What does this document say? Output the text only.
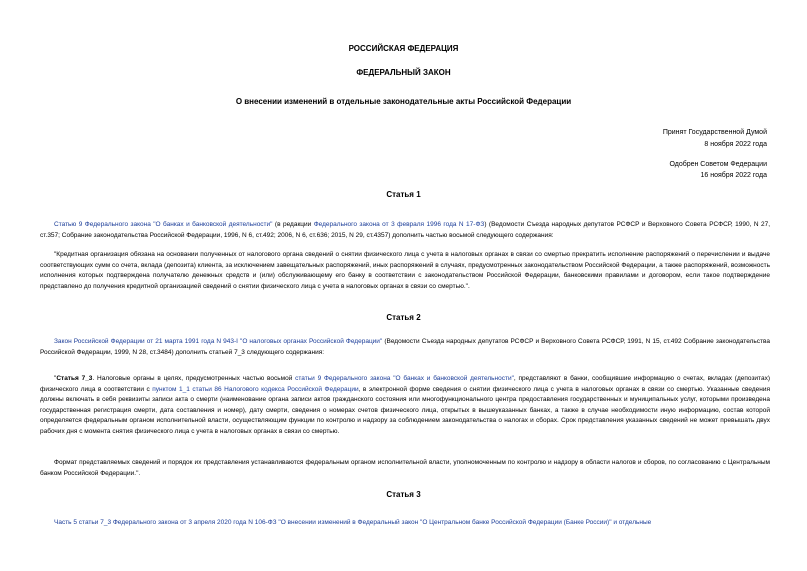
РОССИЙСКАЯ ФЕДЕРАЦИЯ
ФЕДЕРАЛЬНЫЙ ЗАКОН
О внесении изменений в отдельные законодательные акты Российской Федерации
Принят Государственной Думой
8 ноября 2022 года
Одобрен Советом Федерации
16 ноября 2022 года
Статья 1

Статью 9 Федерального закона "О банках и банковской деятельности" (в редакции Федерального закона от 3 февраля 1996 года N 17-ФЗ) (Ведомости Съезда народных депутатов РСФСР и Верховного Совета РСФСР, 1990, N 27, ст.357; Собрание законодательства Российской Федерации, 1996, N 6, ст.492; 2006, N 6, ст.636; 2015, N 29, ст.4357) дополнить частью восьмой следующего содержания:

"Кредитная организация обязана на основании полученных от налогового органа сведений о снятии физического лица с учета в налоговых органах в связи со смертью прекратить исполнение распоряжений о перечислении и выдаче соответствующих сумм со счета, вклада (депозита) клиента, за исключением завещательных распоряжений, иных распоряжений в случаях, предусмотренных законодательством Российской Федерации, а также распоряжений, возможность исполнения которых подтверждена получателю денежных средств и (или) обслуживающему его банку в соответствии с законодательством Российской Федерации, банковскими правилами и договором, если такое подтверждение представлено до получения кредитной организацией сведений о снятии физического лица с учета в налоговых органах в связи со смертью.".

Статья 2

Закон Российской Федерации от 21 марта 1991 года N 943-I "О налоговых органах Российской Федерации" (Ведомости Съезда народных депутатов РСФСР и Верховного Совета РСФСР, 1991, N 15, ст.492 Собрание законодательства Российской Федерации, 1999, N 28, ст.3484) дополнить статьей 7_3 следующего содержания:

"Статья 7_3. Налоговые органы в целях, предусмотренных частью восьмой статьи 9 Федерального закона "О банках и банковской деятельности", представляют в банки, сообщившие информацию о счетах, вкладах (депозитах) физического лица в соответствии с пунктом 1_1 статьи 86 Налогового кодекса Российской Федерации, в электронной форме сведения о снятии физического лица с учета в налоговых органах в связи со смертью. Указанные сведения должны включать в себя реквизиты записи акта о смерти (наименование органа записи актов гражданского состояния или многофункционального центра предоставления государственных и муниципальных услуг, которыми произведена государственная регистрация смерти, дата составления и номер), дату смерти, сведения о номерах счетов физического лица, открытых в вышеуказанных банках, а также в случае необходимости иную информацию, состав которой определяется федеральным органом исполнительной власти, осуществляющим функции по контролю и надзору за соблюдением законодательства о налогах и сборах. Срок представления указанных сведений не может превышать двух рабочих дня с момента снятия физического лица с учета в налоговых органах в связи со смертью.

Формат представляемых сведений и порядок их представления устанавливаются федеральным органом исполнительной власти, уполномоченным по контролю и надзору в области налогов и сборов, по согласованию с Центральным банком Российской Федерации.".

Статья 3

Часть 5 статьи 7_3 Федерального закона от 3 апреля 2020 года N 106-ФЗ "О внесении изменений в Федеральный закон "О Центральном банке Российской Федерации (Банке России)" и отдельные
